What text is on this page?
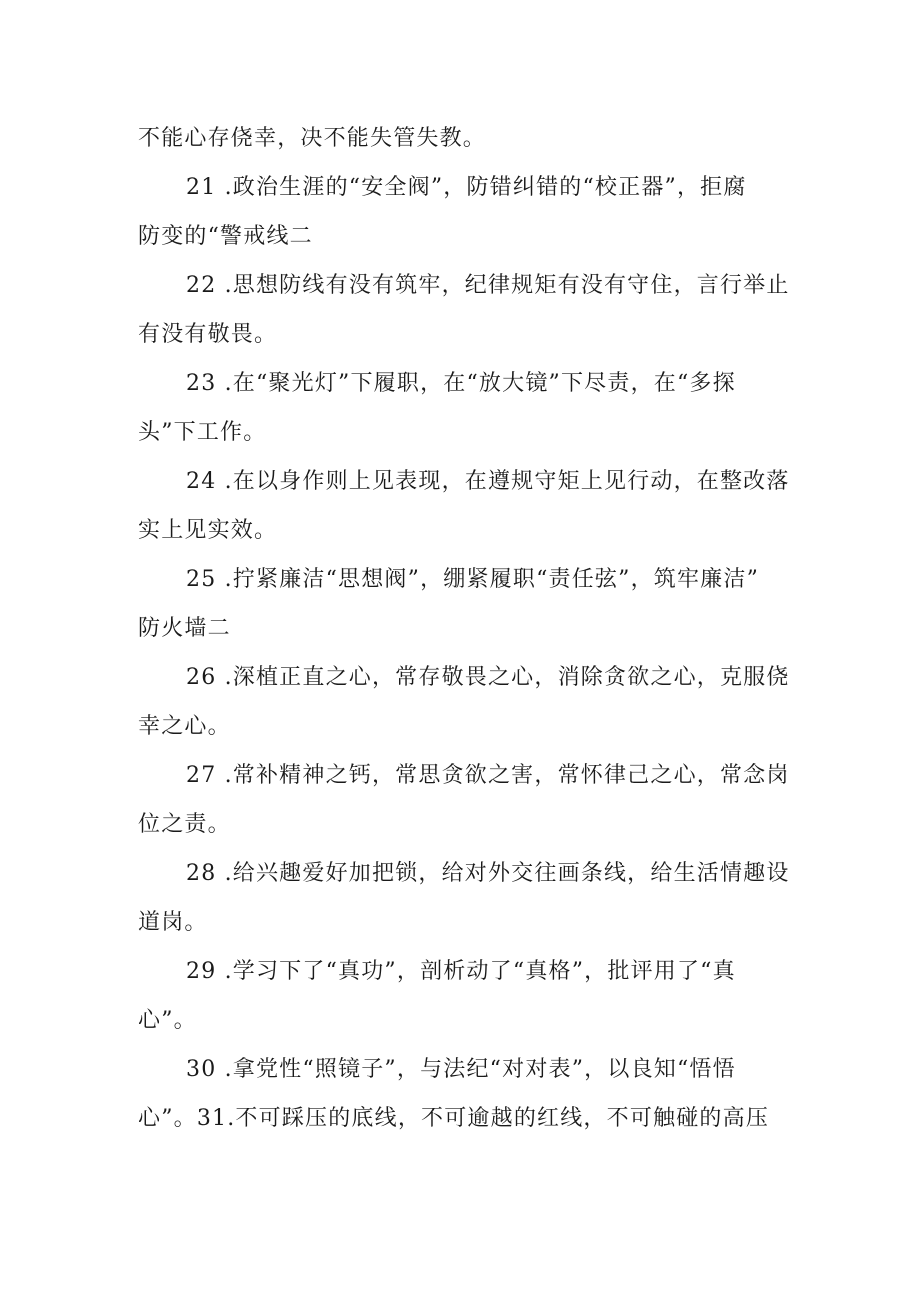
不能心存侥幸，决不能失管失教。
21 .政治生涯的“安全阀”，防错纠错的“校正器”，拒腐
防变的“警戒线二
22 .思想防线有没有筑牢，纪律规矩有没有守住，言行举止
有没有敬畏。
23 .在“聚光灯”下履职，在“放大镜”下尽责，在“多探
头”下工作。
24 .在以身作则上见表现，在遵规守矩上见行动，在整改落
实上见实效。
25 .拧紧廉洁“思想阀”，绷紧履职“责任弦”，筑牢廉洁”
防火墙二
26 .深植正直之心，常存敬畏之心，消除贪欲之心，克服侥
幸之心。
27 .常补精神之钙，常思贪欲之害，常怀律己之心，常念岗
位之责。
28 .给兴趣爱好加把锁，给对外交往画条线，给生活情趣设
道岗。
29 .学习下了“真功”，剖析动了“真格”，批评用了“真
心”。
30 .拿党性“照镜子”，与法纪“对对表”，以良知“悟悟
心”。31.不可踩压的底线，不可逾越的红线，不可触碰的高压
